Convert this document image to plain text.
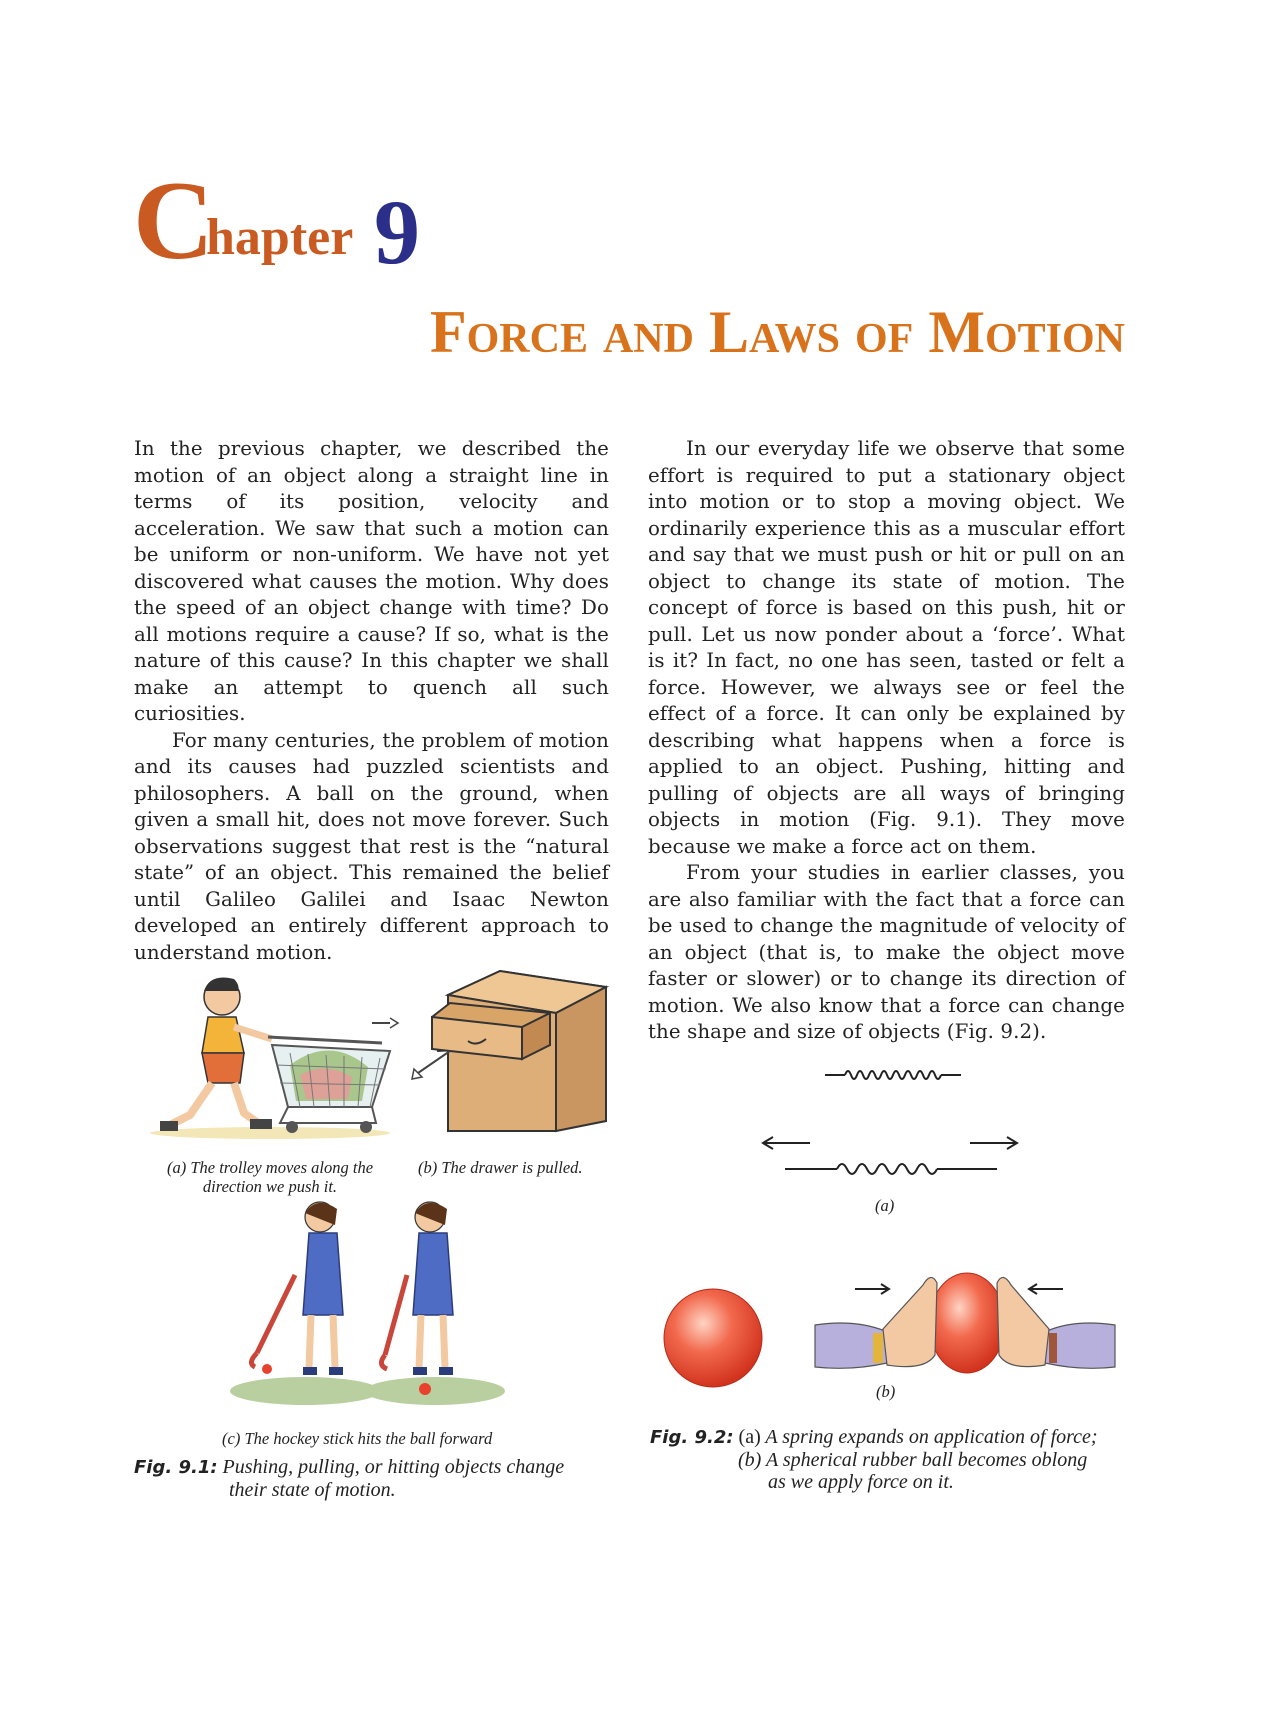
C
hapter 9
Force and Laws of Motion

In the previous chapter, we described the motion of an object along a straight line in terms of its position, velocity and acceleration. We saw that such a motion can be uniform or non-uniform. We have not yet discovered what causes the motion. Why does the speed of an object change with time? Do all motions require a cause? If so, what is the nature of this cause? In this chapter we shall make an attempt to quench all such curiosities.

For many centuries, the problem of motion and its causes had puzzled scientists and philosophers. A ball on the ground, when given a small hit, does not move forever. Such observations suggest that rest is the “natural state” of an object. This remained the belief until Galileo Galilei and Isaac Newton developed an entirely different approach to understand motion.

In our everyday life we observe that some effort is required to put a stationary object into motion or to stop a moving object. We ordinarily experience this as a muscular effort and say that we must push or hit or pull on an object to change its state of motion. The concept of force is based on this push, hit or pull. Let us now ponder about a ‘force’. What is it? In fact, no one has seen, tasted or felt a force. However, we always see or feel the effect of a force. It can only be explained by describing what happens when a force is applied to an object. Pushing, hitting and pulling of objects are all ways of bringing objects in motion (Fig. 9.1). They move because we make a force act on them.

From your studies in earlier classes, you are also familiar with the fact that a force can be used to change the magnitude of velocity of an object (that is, to make the object move faster or slower) or to change its direction of motion. We also know that a force can change the shape and size of objects (Fig. 9.2).

(a) The trolley moves along the
direction we push it.
(b) The drawer is pulled.
(c) The hockey stick hits the ball forward
Fig. 9.1: Pushing, pulling, or hitting objects change
their state of motion.
(a)
(b)
Fig. 9.2: (a) A spring expands on application of force;
(b) A spherical rubber ball becomes oblong
as we apply force on it.
